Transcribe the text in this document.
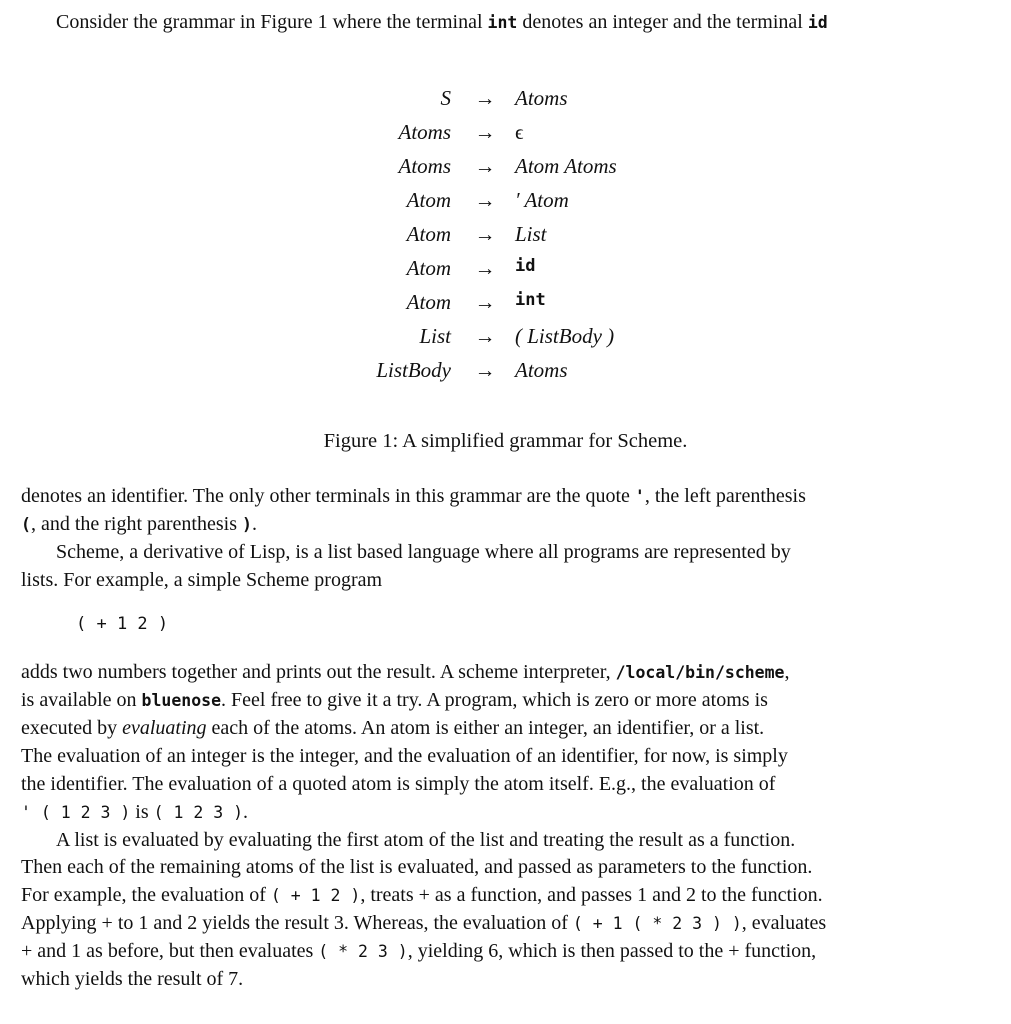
Consider the grammar in Figure 1 where the terminal int denotes an integer and the terminal id
S → Atoms
Atoms → ϵ
Atoms → Atom Atoms
Atom → ′ Atom
Atom → List
Atom → id
Atom → int
List → ( ListBody )
ListBody → Atoms
Figure 1: A simplified grammar for Scheme.
denotes an identifier. The only other terminals in this grammar are the quote ', the left parenthesis
(, and the right parenthesis ).
Scheme, a derivative of Lisp, is a list based language where all programs are represented by
lists. For example, a simple Scheme program
( + 1 2 )
adds two numbers together and prints out the result. A scheme interpreter, /local/bin/scheme,
is available on bluenose. Feel free to give it a try. A program, which is zero or more atoms is
executed by evaluating each of the atoms. An atom is either an integer, an identifier, or a list.
The evaluation of an integer is the integer, and the evaluation of an identifier, for now, is simply
the identifier. The evaluation of a quoted atom is simply the atom itself. E.g., the evaluation of
' ( 1 2 3 ) is ( 1 2 3 ).
A list is evaluated by evaluating the first atom of the list and treating the result as a function.
Then each of the remaining atoms of the list is evaluated, and passed as parameters to the function.
For example, the evaluation of ( + 1 2 ), treats + as a function, and passes 1 and 2 to the function.
Applying + to 1 and 2 yields the result 3. Whereas, the evaluation of ( + 1 ( * 2 3 ) ), evaluates
+ and 1 as before, but then evaluates ( * 2 3 ), yielding 6, which is then passed to the + function,
which yields the result of 7.
